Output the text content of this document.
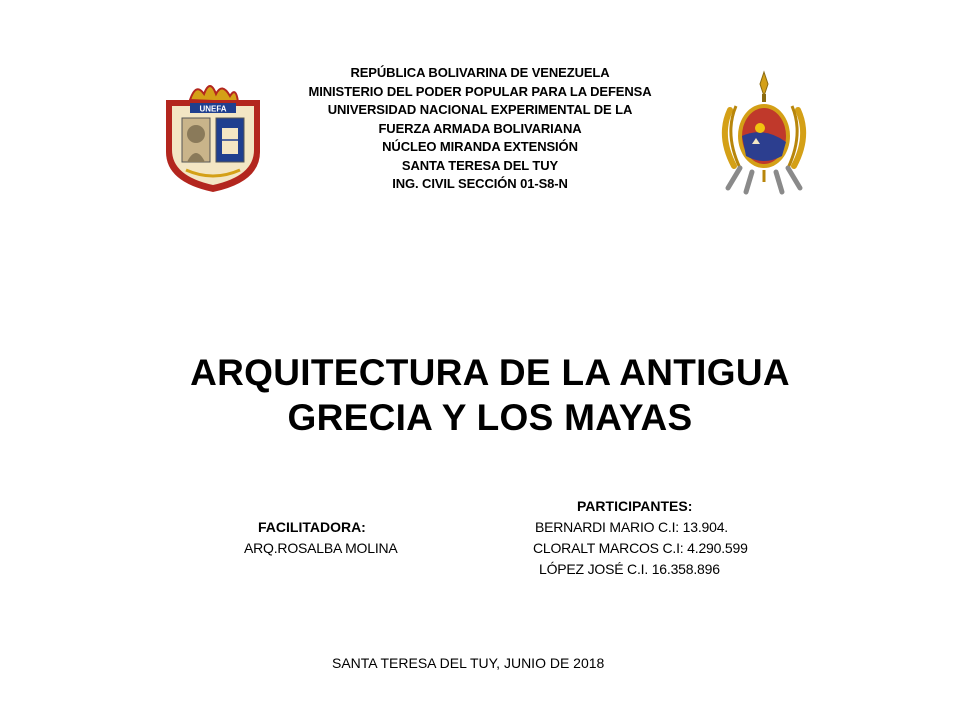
UNEFA
REPÚBLICA BOLIVARINA DE VENEZUELA
MINISTERIO DEL PODER POPULAR PARA LA DEFENSA
UNIVERSIDAD NACIONAL EXPERIMENTAL DE LA
FUERZA ARMADA BOLIVARIANA
NÚCLEO MIRANDA EXTENSIÓN
SANTA TERESA DEL TUY
ING. CIVIL SECCIÓN 01-S8-N
ARQUITECTURA DE LA ANTIGUA
GRECIA Y LOS MAYAS
PARTICIPANTES:
BERNARDI MARIO C.I: 13.904.
CLORALT MARCOS C.I: 4.290.599
LÓPEZ JOSÉ C.I. 16.358.896
FACILITADORA:
ARQ.ROSALBA MOLINA
SANTA TERESA DEL TUY, JUNIO DE 2018
